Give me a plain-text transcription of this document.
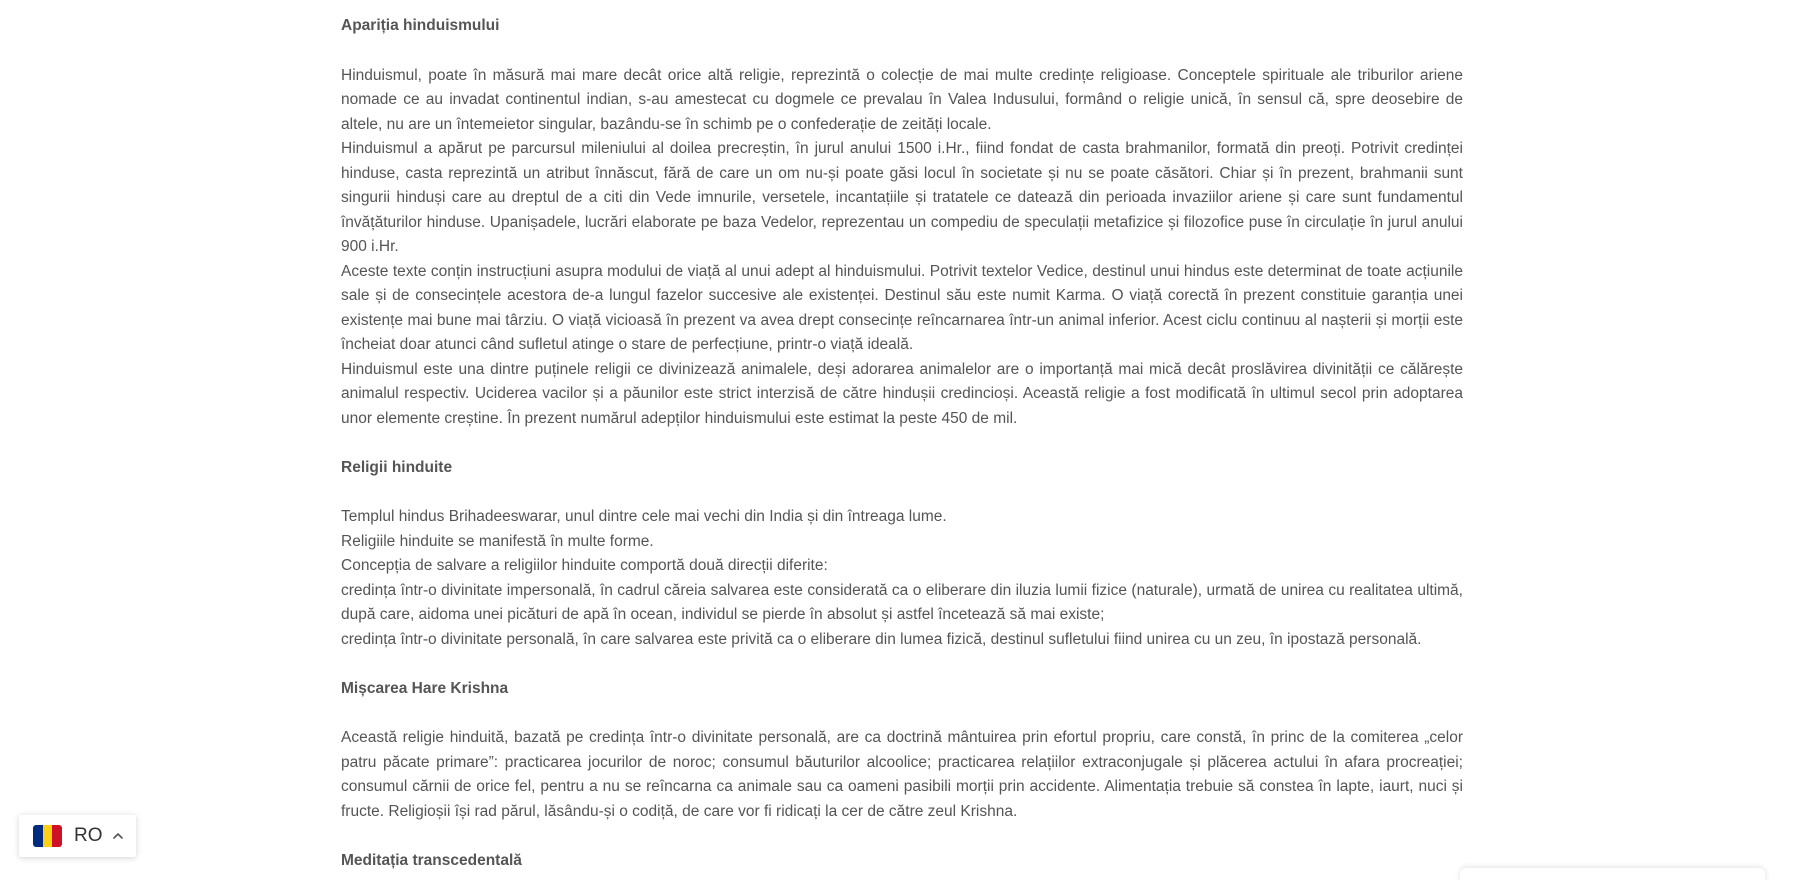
Apariția hinduismului

Hinduismul, poate în măsură mai mare decât orice altă religie, reprezintă o colecție de mai multe credințe religioase. Conceptele spirituale ale triburilor ariene nomade ce au invadat continentul indian, s-au amestecat cu dogmele ce prevalau în Valea Indusului, formând o religie unică, în sensul că, spre deosebire de altele, nu are un întemeietor singular, bazându-se în schimb pe o confederație de zeități locale.

Hinduismul a apărut pe parcursul mileniului al doilea precreștin, în jurul anului 1500 i.Hr., fiind fondat de casta brahmanilor, formată din preoți. Potrivit credinței hinduse, casta reprezintă un atribut înnăscut, fără de care un om nu-și poate găsi locul în societate și nu se poate căsători. Chiar și în prezent, brahmanii sunt singurii hinduși care au dreptul de a citi din Vede imnurile, versetele, incantațiile și tratatele ce datează din perioada invaziilor ariene și care sunt fundamentul învățăturilor hinduse. Upanișadele, lucrări elaborate pe baza Vedelor, reprezentau un compediu de speculații metafizice și filozofice puse în circulație în jurul anului 900 i.Hr.

Aceste texte conțin instrucțiuni asupra modului de viață al unui adept al hinduismului. Potrivit textelor Vedice, destinul unui hindus este determinat de toate acțiunile sale și de consecințele acestora de-a lungul fazelor succesive ale existenței. Destinul său este numit Karma. O viață corectă în prezent constituie garanția unei existențe mai bune mai târziu. O viață vicioasă în prezent va avea drept consecințe reîncarnarea într-un animal inferior. Acest ciclu continuu al nașterii și morții este încheiat doar atunci când sufletul atinge o stare de perfecțiune, printr-o viață ideală.

Hinduismul este una dintre puținele religii ce divinizează animalele, deși adorarea animalelor are o importanță mai mică decât proslăvirea divinității ce călărește animalul respectiv. Uciderea vacilor și a păunilor este strict interzisă de către hindușii credincioși. Această religie a fost modificată în ultimul secol prin adoptarea unor elemente creștine. În prezent numărul adepților hinduismului este estimat la peste 450 de mil.

Religii hinduite

Templul hindus Brihadeeswarar, unul dintre cele mai vechi din India și din întreaga lume.

Religiile hinduite se manifestă în multe forme.

Concepția de salvare a religiilor hinduite comportă două direcții diferite:

credința într-o divinitate impersonală, în cadrul căreia salvarea este considerată ca o eliberare din iluzia lumii fizice (naturale), urmată de unirea cu realitatea ultimă, după care, aidoma unei picături de apă în ocean, individul se pierde în absolut și astfel încetează să mai existe;

credința într-o divinitate personală, în care salvarea este privită ca o eliberare din lumea fizică, destinul sufletului fiind unirea cu un zeu, în ipostază personală.

Mișcarea Hare Krishna

Această religie hinduită, bazată pe credința într-o divinitate personală, are ca doctrină mântuirea prin efortul propriu, care constă, în princ de la comiterea „celor patru păcate primare”: practicarea jocurilor de noroc; consumul băuturilor alcoolice; practicarea relațiilor extraconjugale și plăcerea actului în afara procreației; consumul cărnii de orice fel, pentru a nu se reîncarna ca animale sau ca oameni pasibili morții prin accidente. Alimentația trebuie să constea în lapte, iaurt, nuci și fructe. Religioșii își rad părul, lăsându-și o codiță, de care vor fi ridicați la cer de către zeul Krishna.

Meditația transcedentală
RO
